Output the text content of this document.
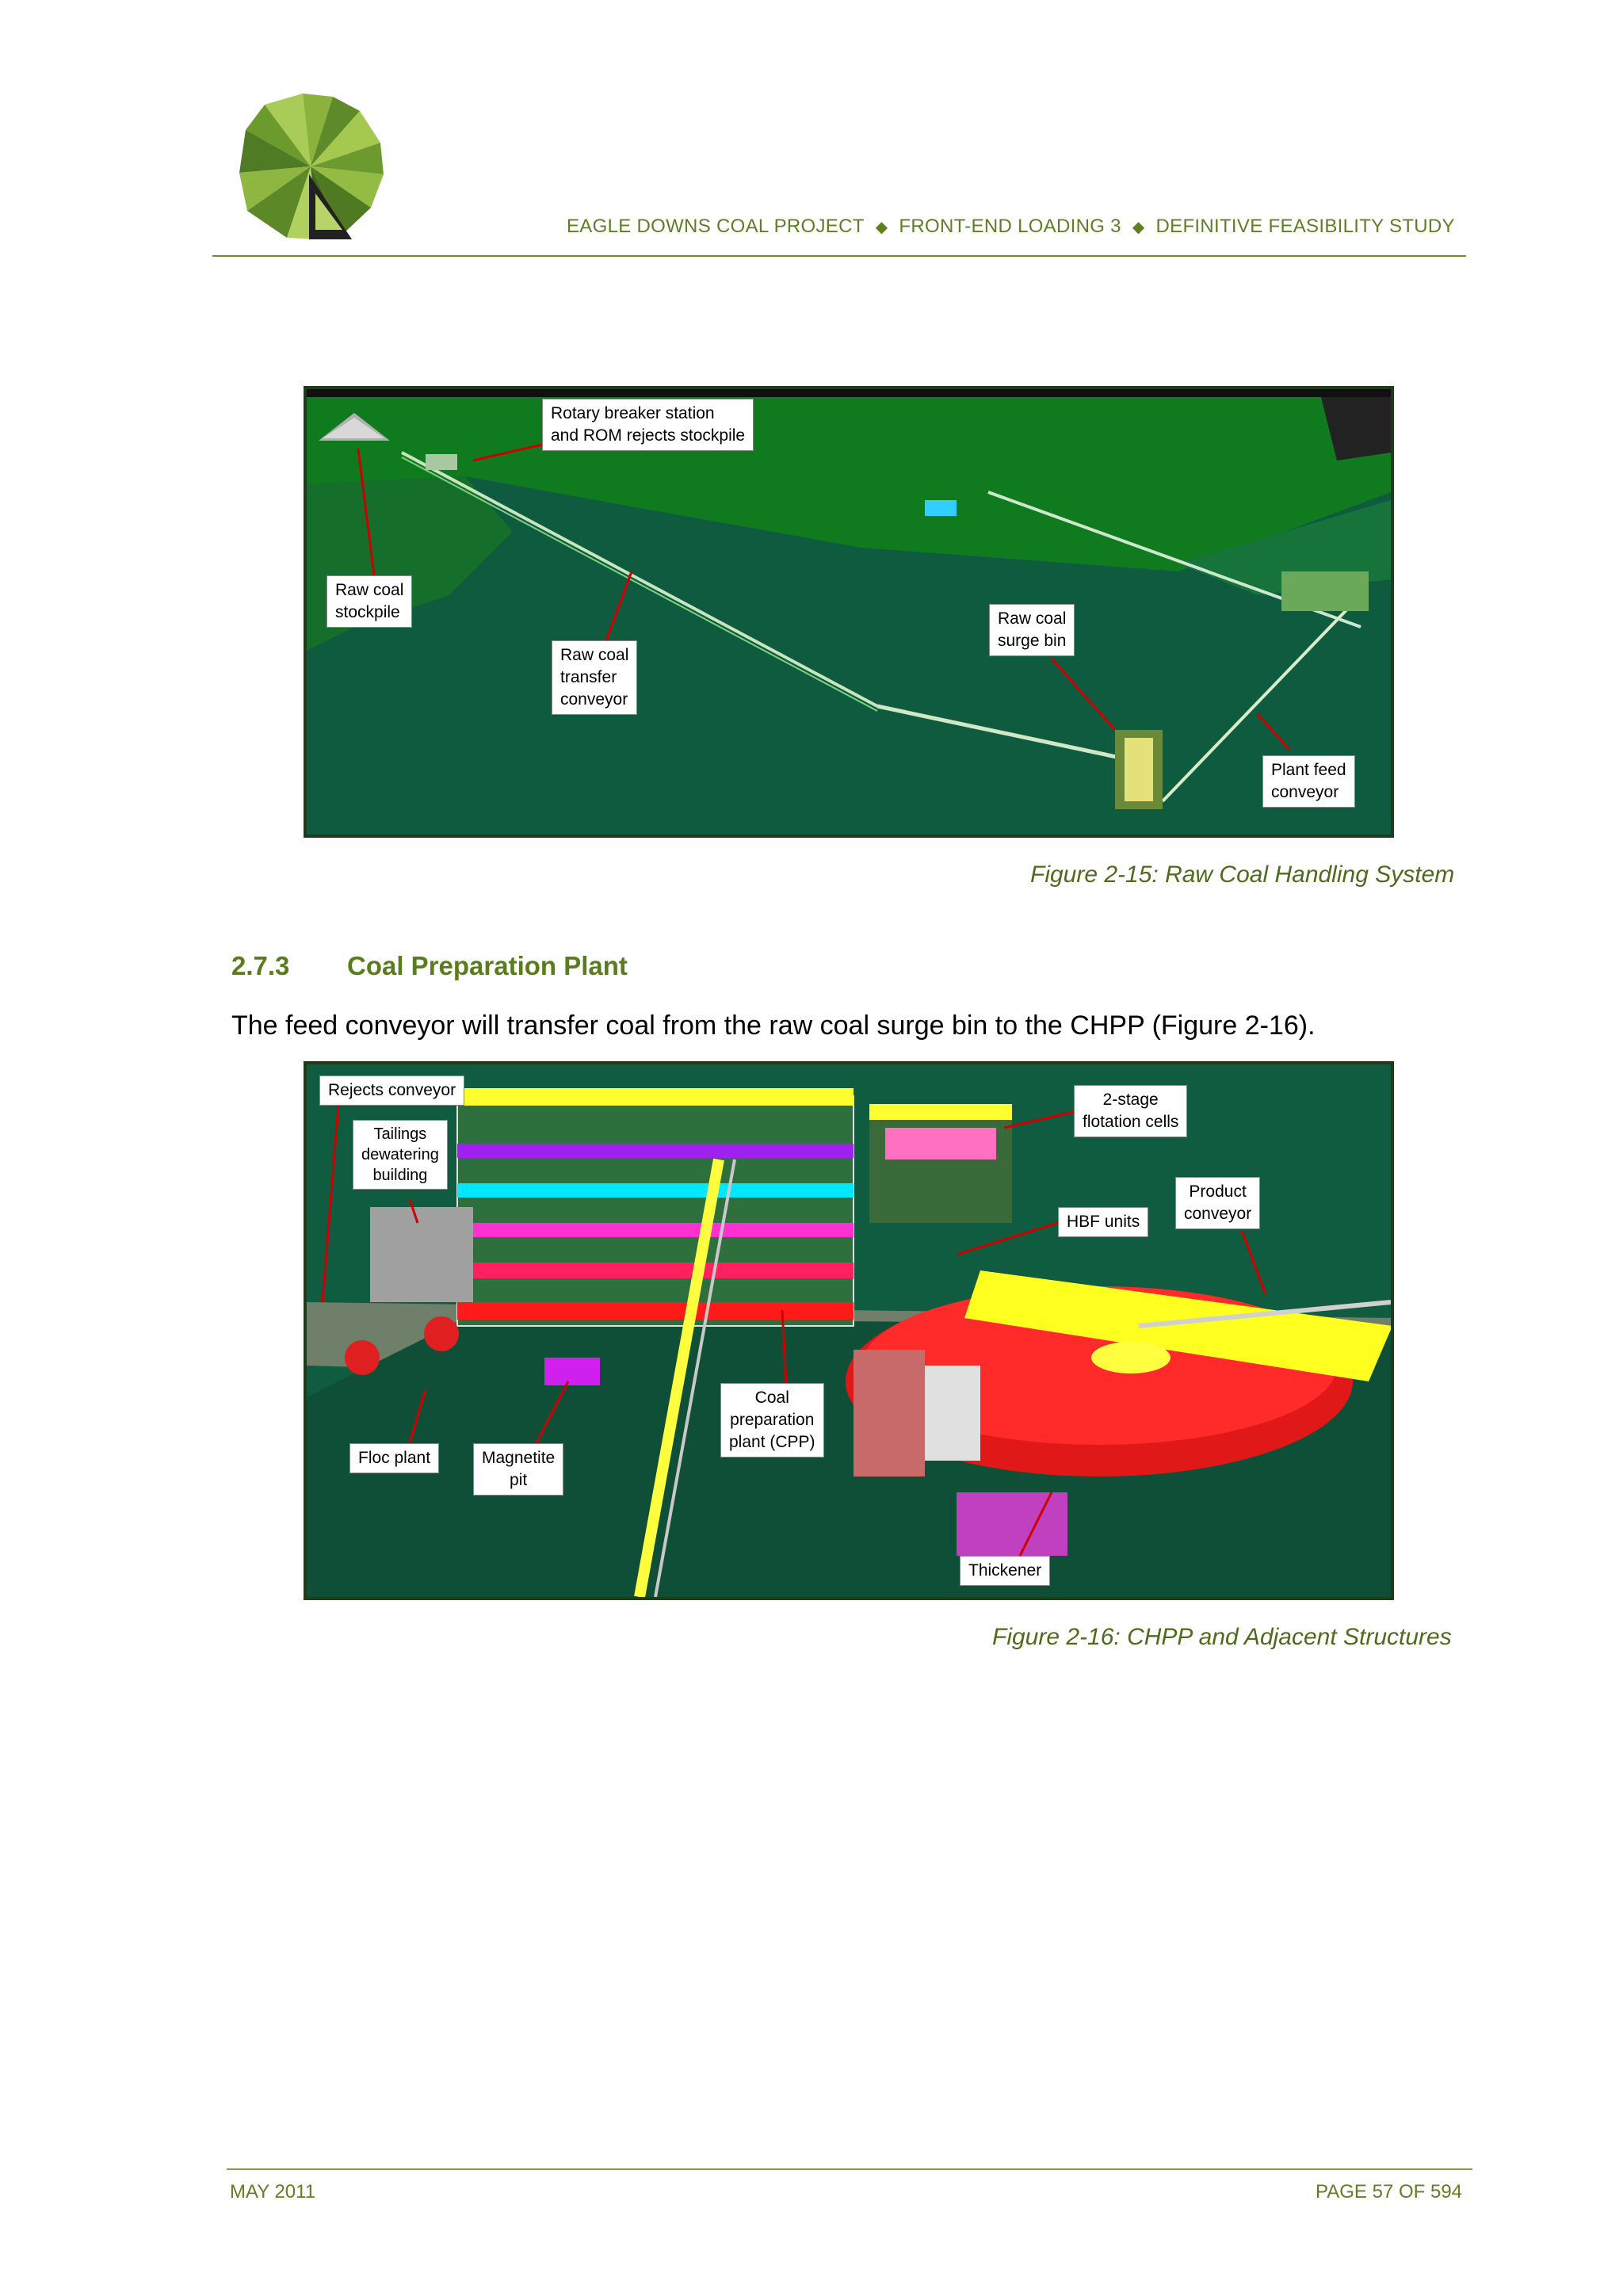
EAGLE DOWNS COAL PROJECT ◆ FRONT-END LOADING 3 ◆ DEFINITIVE FEASIBILITY STUDY
Rotary breaker station
and ROM rejects stockpile
Raw coal
stockpile
Raw coal
transfer
conveyor
Raw coal
surge bin
Plant feed
conveyor
Figure 2-15: Raw Coal Handling System
2.7.3 Coal Preparation Plant
The feed conveyor will transfer coal from the raw coal surge bin to the CHPP (Figure 2-16).
Rejects conveyor
Tailings
dewatering
building
2-stage
flotation cells
Product
conveyor
HBF units
Floc plant	Magnetite
pit
Coal
preparation
plant (CPP)
Thickener
Figure 2-16: CHPP and Adjacent Structures
MAY 2011	PAGE 57 OF 594
